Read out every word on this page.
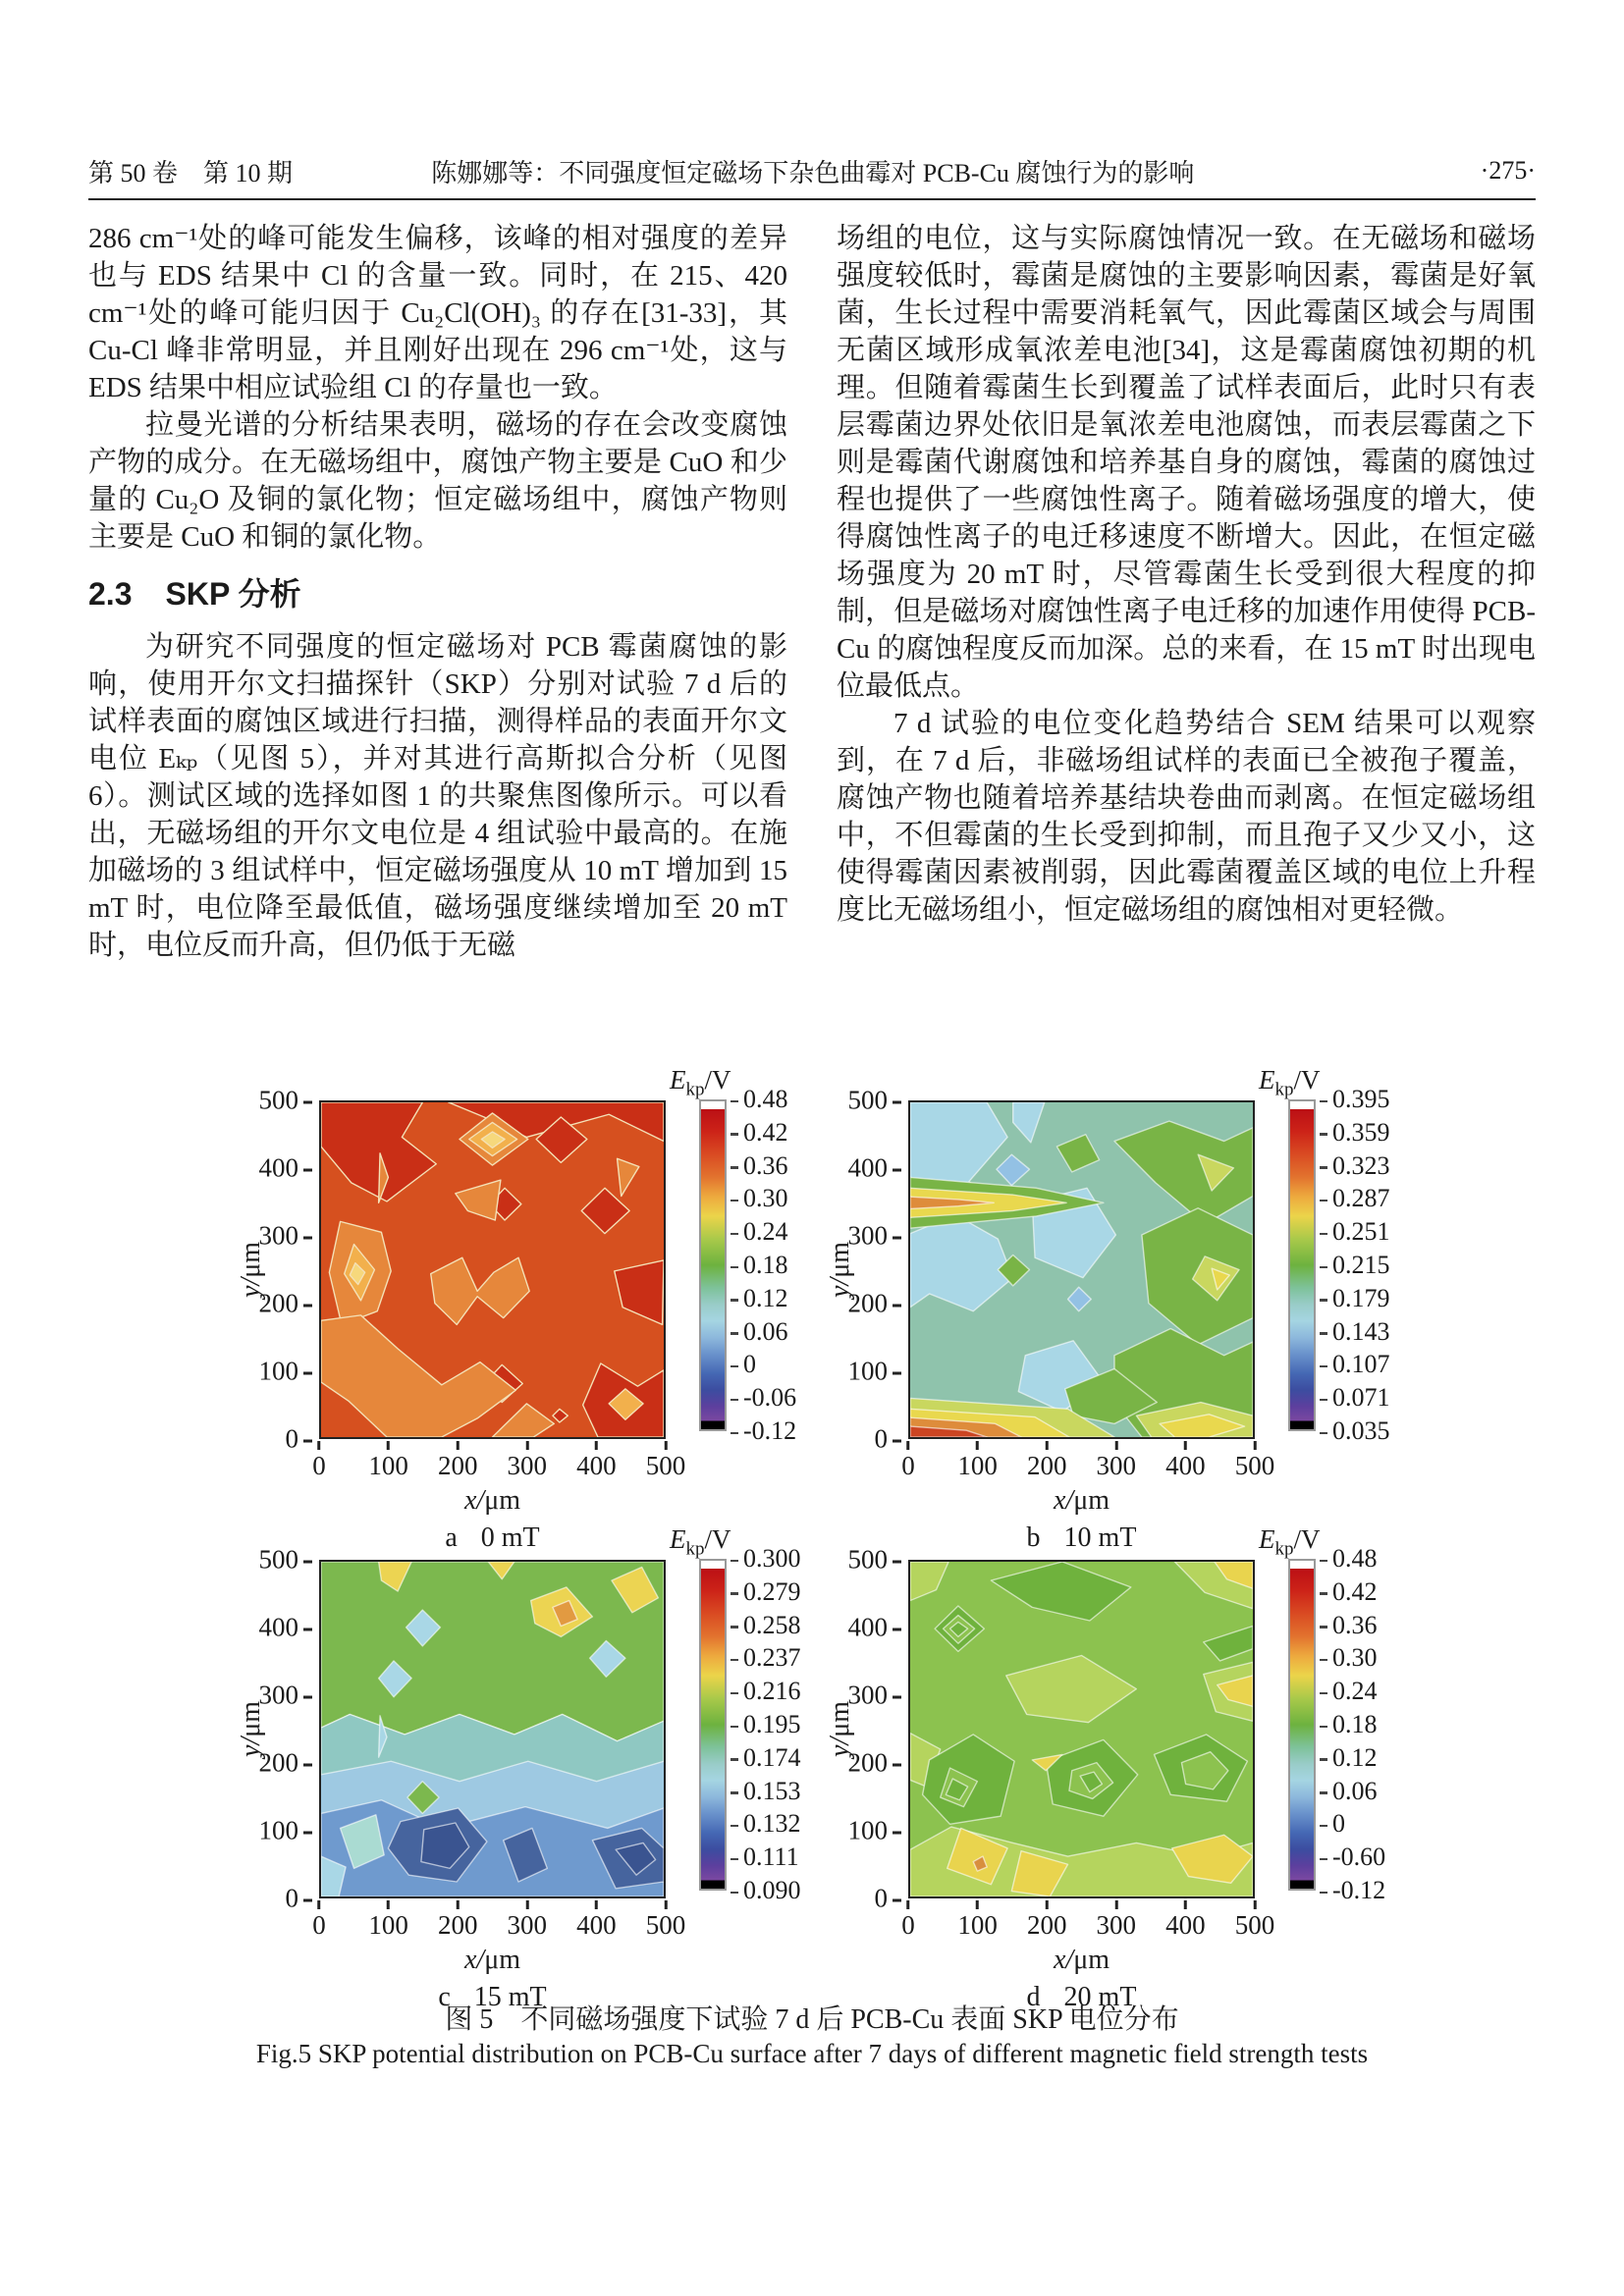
第 50 卷　第 10 期	陈娜娜等：不同强度恒定磁场下杂色曲霉对 PCB-Cu 腐蚀行为的影响	·275·

286 cm⁻¹处的峰可能发生偏移，该峰的相对强度的差异也与 EDS 结果中 Cl 的含量一致。同时，在 215、420 cm⁻¹处的峰可能归因于 Cu₂Cl(OH)₃ 的存在[31-33]，其 Cu-Cl 峰非常明显，并且刚好出现在 296 cm⁻¹处，这与 EDS 结果中相应试验组 Cl 的存量也一致。

拉曼光谱的分析结果表明，磁场的存在会改变腐蚀产物的成分。在无磁场组中，腐蚀产物主要是 CuO 和少量的 Cu₂O 及铜的氯化物；恒定磁场组中，腐蚀产物则主要是 CuO 和铜的氯化物。

2.3 SKP 分析

为研究不同强度的恒定磁场对 PCB 霉菌腐蚀的影响，使用开尔文扫描探针（SKP）分别对试验 7 d 后的试样表面的腐蚀区域进行扫描，测得样品的表面开尔文电位 Eₖₚ（见图 5），并对其进行高斯拟合分析（见图 6）。测试区域的选择如图 1 的共聚焦图像所示。可以看出，无磁场组的开尔文电位是 4 组试验中最高的。在施加磁场的 3 组试样中，恒定磁场强度从 10 mT 增加到 15 mT 时，电位降至最低值，磁场强度继续增加至 20 mT 时，电位反而升高，但仍低于无磁

场组的电位，这与实际腐蚀情况一致。在无磁场和磁场强度较低时，霉菌是腐蚀的主要影响因素，霉菌是好氧菌，生长过程中需要消耗氧气，因此霉菌区域会与周围无菌区域形成氧浓差电池[34]，这是霉菌腐蚀初期的机理。但随着霉菌生长到覆盖了试样表面后，此时只有表层霉菌边界处依旧是氧浓差电池腐蚀，而表层霉菌之下则是霉菌代谢腐蚀和培养基自身的腐蚀，霉菌的腐蚀过程也提供了一些腐蚀性离子。随着磁场强度的增大，使得腐蚀性离子的电迁移速度不断增大。因此，在恒定磁场强度为 20 mT 时，尽管霉菌生长受到很大程度的抑制，但是磁场对腐蚀性离子电迁移的加速作用使得 PCB-Cu 的腐蚀程度反而加深。总的来看，在 15 mT 时出现电位最低点。

7 d 试验的电位变化趋势结合 SEM 结果可以观察到，在 7 d 后，非磁场组试样的表面已全被孢子覆盖，腐蚀产物也随着培养基结块卷曲而剥离。在恒定磁场组中，不但霉菌的生长受到抑制，而且孢子又少又小，这使得霉菌因素被削弱，因此霉菌覆盖区域的电位上升程度比无磁场组小，恒定磁场组的腐蚀相对更轻微。

y/μm
500
400
300
200
100
0
0 100 200 300 400 500
x/μm
a 0 mT
$E_{kp}/V$
0.48
0.42
0.36
0.30
0.24
0.18
0.12
0.06
0
-0.06
-0.12
y/μm
500
400
300
200
100
0
0 100 200 300 400 500
x/μm
b 10 mT
$E_{kp}/V$
0.395
0.359
0.323
0.287
0.251
0.215
0.179
0.143
0.107
0.071
0.035
y/μm
500
400
300
200
100
0
0 100 200 300 400 500
x/μm
c 15 mT
$E_{kp}/V$
0.300
0.279
0.258
0.237
0.216
0.195
0.174
0.153
0.132
0.111
0.090
y/μm
500
400
300
200
100
0
0 100 200 300 400 500
x/μm
d 20 mT
$E_{kp}/V$
0.48
0.42
0.36
0.30
0.24
0.18
0.12
0.06
0
-0.60
-0.12
图 5　不同磁场强度下试验 7 d 后 PCB-Cu 表面 SKP 电位分布
Fig.5 SKP potential distribution on PCB-Cu surface after 7 days of different magnetic field strength tests
